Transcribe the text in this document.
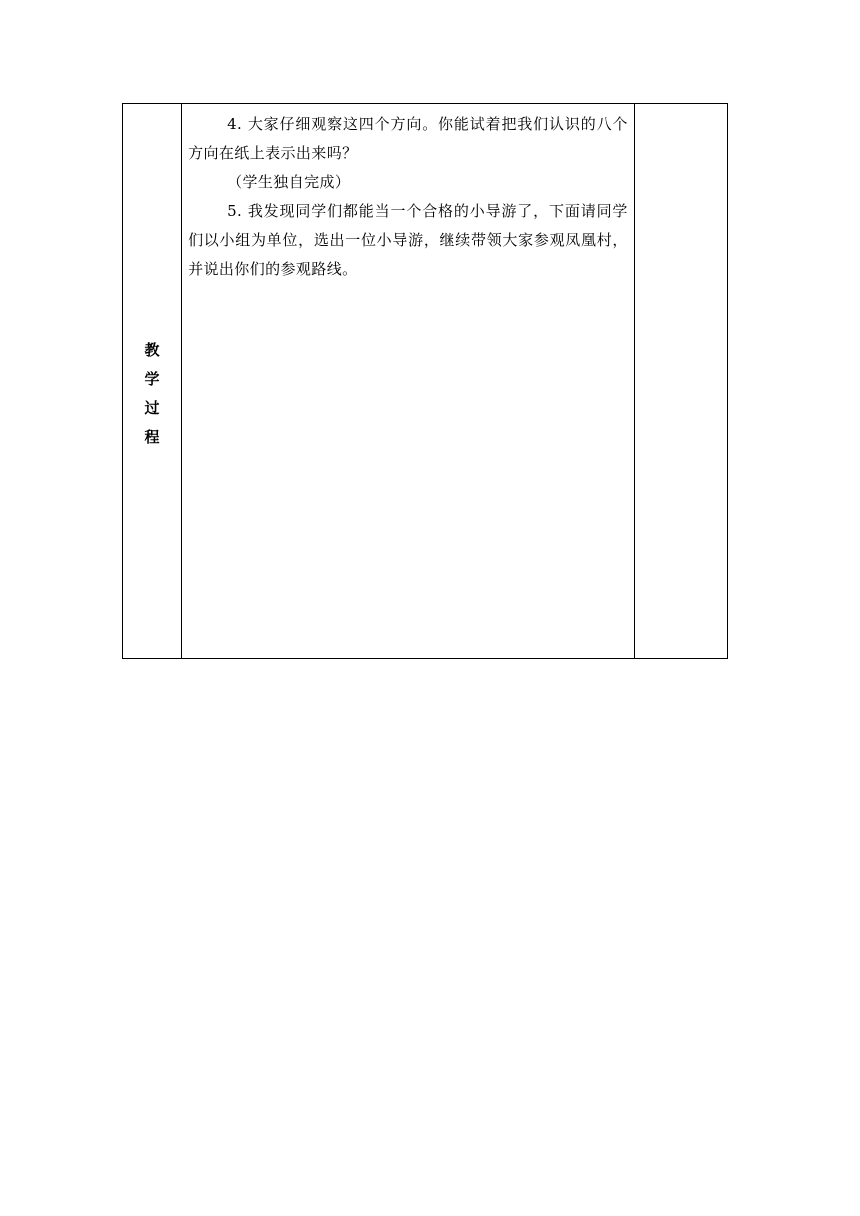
教学过程	

4. 大家仔细观察这四个方向。你能试着把我们认识的八个方向在纸上表示出来吗？

（学生独自完成）

5. 我发现同学们都能当一个合格的小导游了，下面请同学们以小组为单位，选出一位小导游，继续带领大家参观凤凰村，并说出你们的参观路线。
